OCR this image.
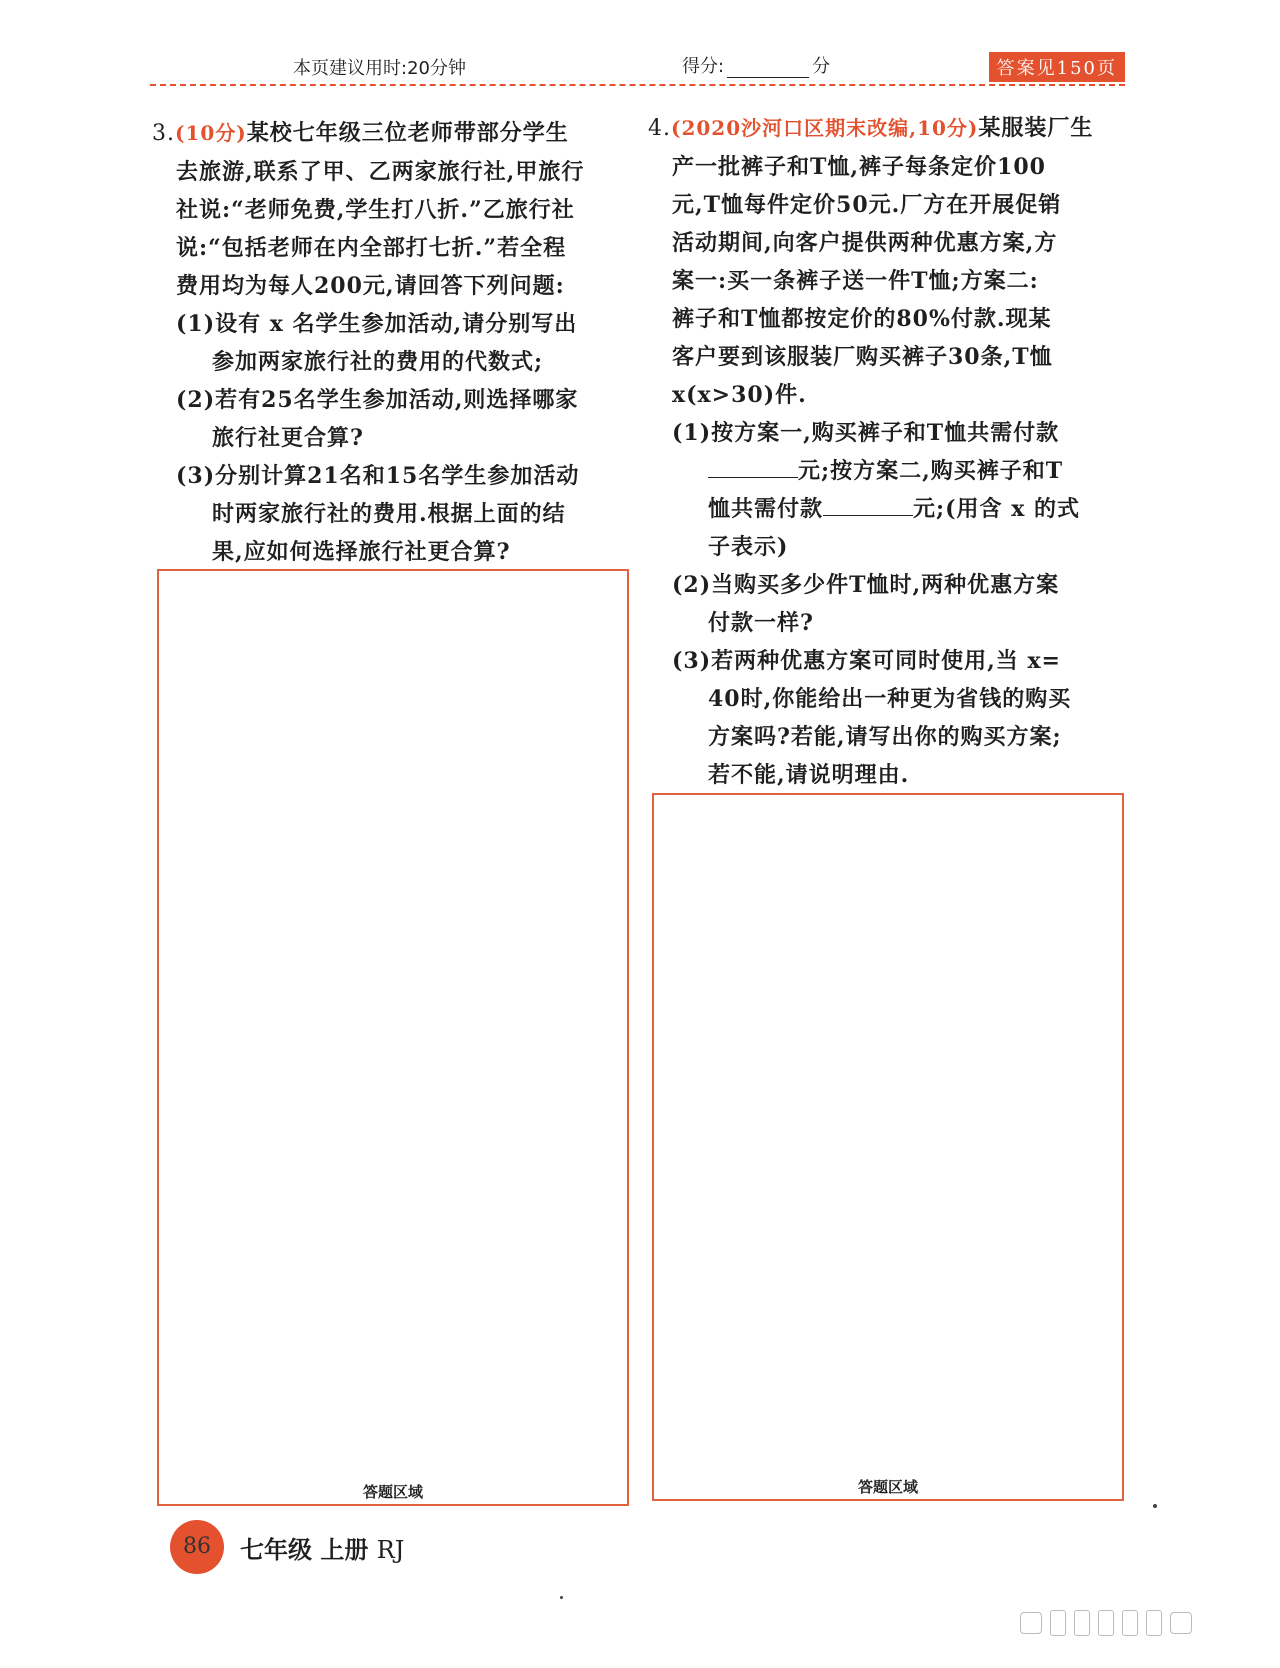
本页建议用时:20分钟	得分:	分	答案见150页
3.(10分)某校七年级三位老师带部分学生
去旅游,联系了甲、乙两家旅行社,甲旅行
社说:“老师免费,学生打八折.”乙旅行社
说:“包括老师在内全部打七折.”若全程
费用均为每人200元,请回答下列问题:
(1)设有 x 名学生参加活动,请分别写出
参加两家旅行社的费用的代数式;
(2)若有25名学生参加活动,则选择哪家
旅行社更合算?
(3)分别计算21名和15名学生参加活动
时两家旅行社的费用.根据上面的结
果,应如何选择旅行社更合算?
答题区域
4.(2020沙河口区期末改编,10分)某服装厂生
产一批裤子和T恤,裤子每条定价100
元,T恤每件定价50元.厂方在开展促销
活动期间,向客户提供两种优惠方案,方
案一:买一条裤子送一件T恤;方案二:
裤子和T恤都按定价的80%付款.现某
客户要到该服装厂购买裤子30条,T恤
x(x>30)件.
(1)按方案一,购买裤子和T恤共需付款
元;按方案二,购买裤子和T
恤共需付款	元;(用含 x 的式
子表示)
(2)当购买多少件T恤时,两种优惠方案
付款一样?
(3)若两种优惠方案可同时使用,当 x=
40时,你能给出一种更为省钱的购买
方案吗?若能,请写出你的购买方案;
若不能,请说明理由.
答题区域
86	七年级 上册 RJ
